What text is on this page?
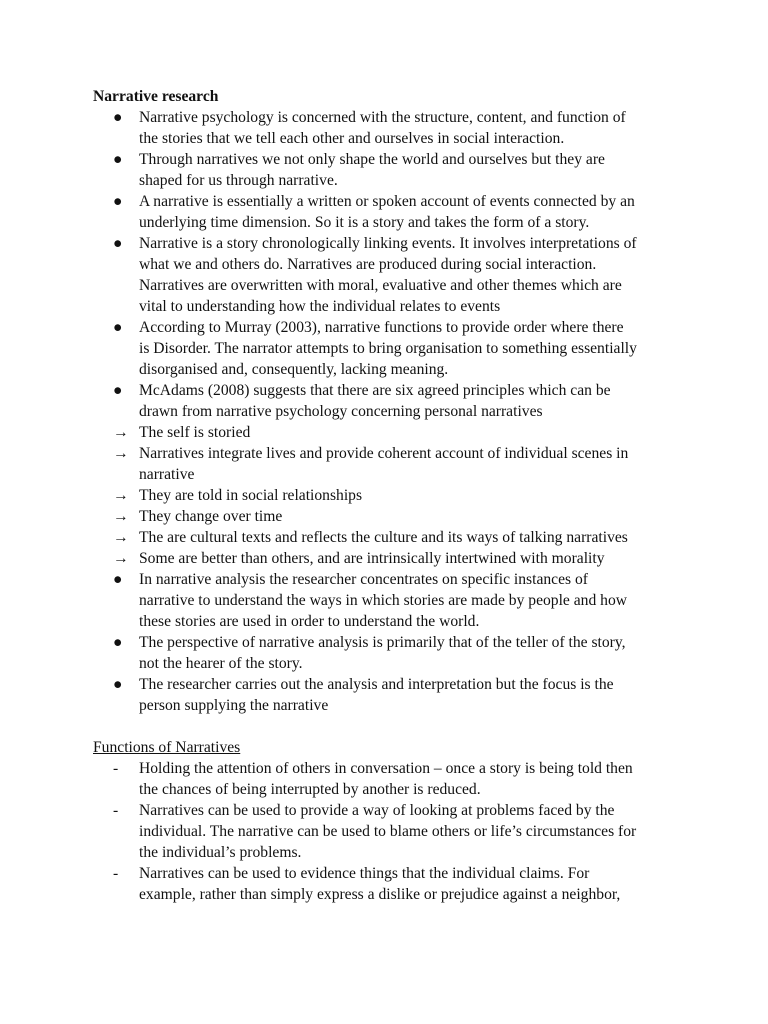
Narrative research
●	Narrative psychology is concerned with the structure, content, and function of
the stories that we tell each other and ourselves in social interaction.
●	Through narratives we not only shape the world and ourselves but they are
shaped for us through narrative.
●	A narrative is essentially a written or spoken account of events connected by an
underlying time dimension. So it is a story and takes the form of a story.
●	Narrative is a story chronologically linking events. It involves interpretations of
what we and others do. Narratives are produced during social interaction.
Narratives are overwritten with moral, evaluative and other themes which are
vital to understanding how the individual relates to events
●	According to Murray (2003), narrative functions to provide order where there
is Disorder. The narrator attempts to bring organisation to something essentially
disorganised and, consequently, lacking meaning.
●	McAdams (2008) suggests that there are six agreed principles which can be
drawn from narrative psychology concerning personal narratives
→ The self is storied
→ Narratives integrate lives and provide coherent account of individual scenes in
narrative
→ They are told in social relationships
→ They change over time
→ The are cultural texts and reflects the culture and its ways of talking narratives
→ Some are better than others, and are intrinsically intertwined with morality
●	In narrative analysis the researcher concentrates on specific instances of
narrative to understand the ways in which stories are made by people and how
these stories are used in order to understand the world.
●	The perspective of narrative analysis is primarily that of the teller of the story,
not the hearer of the story.
●	The researcher carries out the analysis and interpretation but the focus is the
person supplying the narrative
Functions of Narratives
-	Holding the attention of others in conversation – once a story is being told then
the chances of being interrupted by another is reduced.
-	Narratives can be used to provide a way of looking at problems faced by the
individual. The narrative can be used to blame others or life’s circumstances for
the individual’s problems.
-	Narratives can be used to evidence things that the individual claims. For
example, rather than simply express a dislike or prejudice against a neighbor,
